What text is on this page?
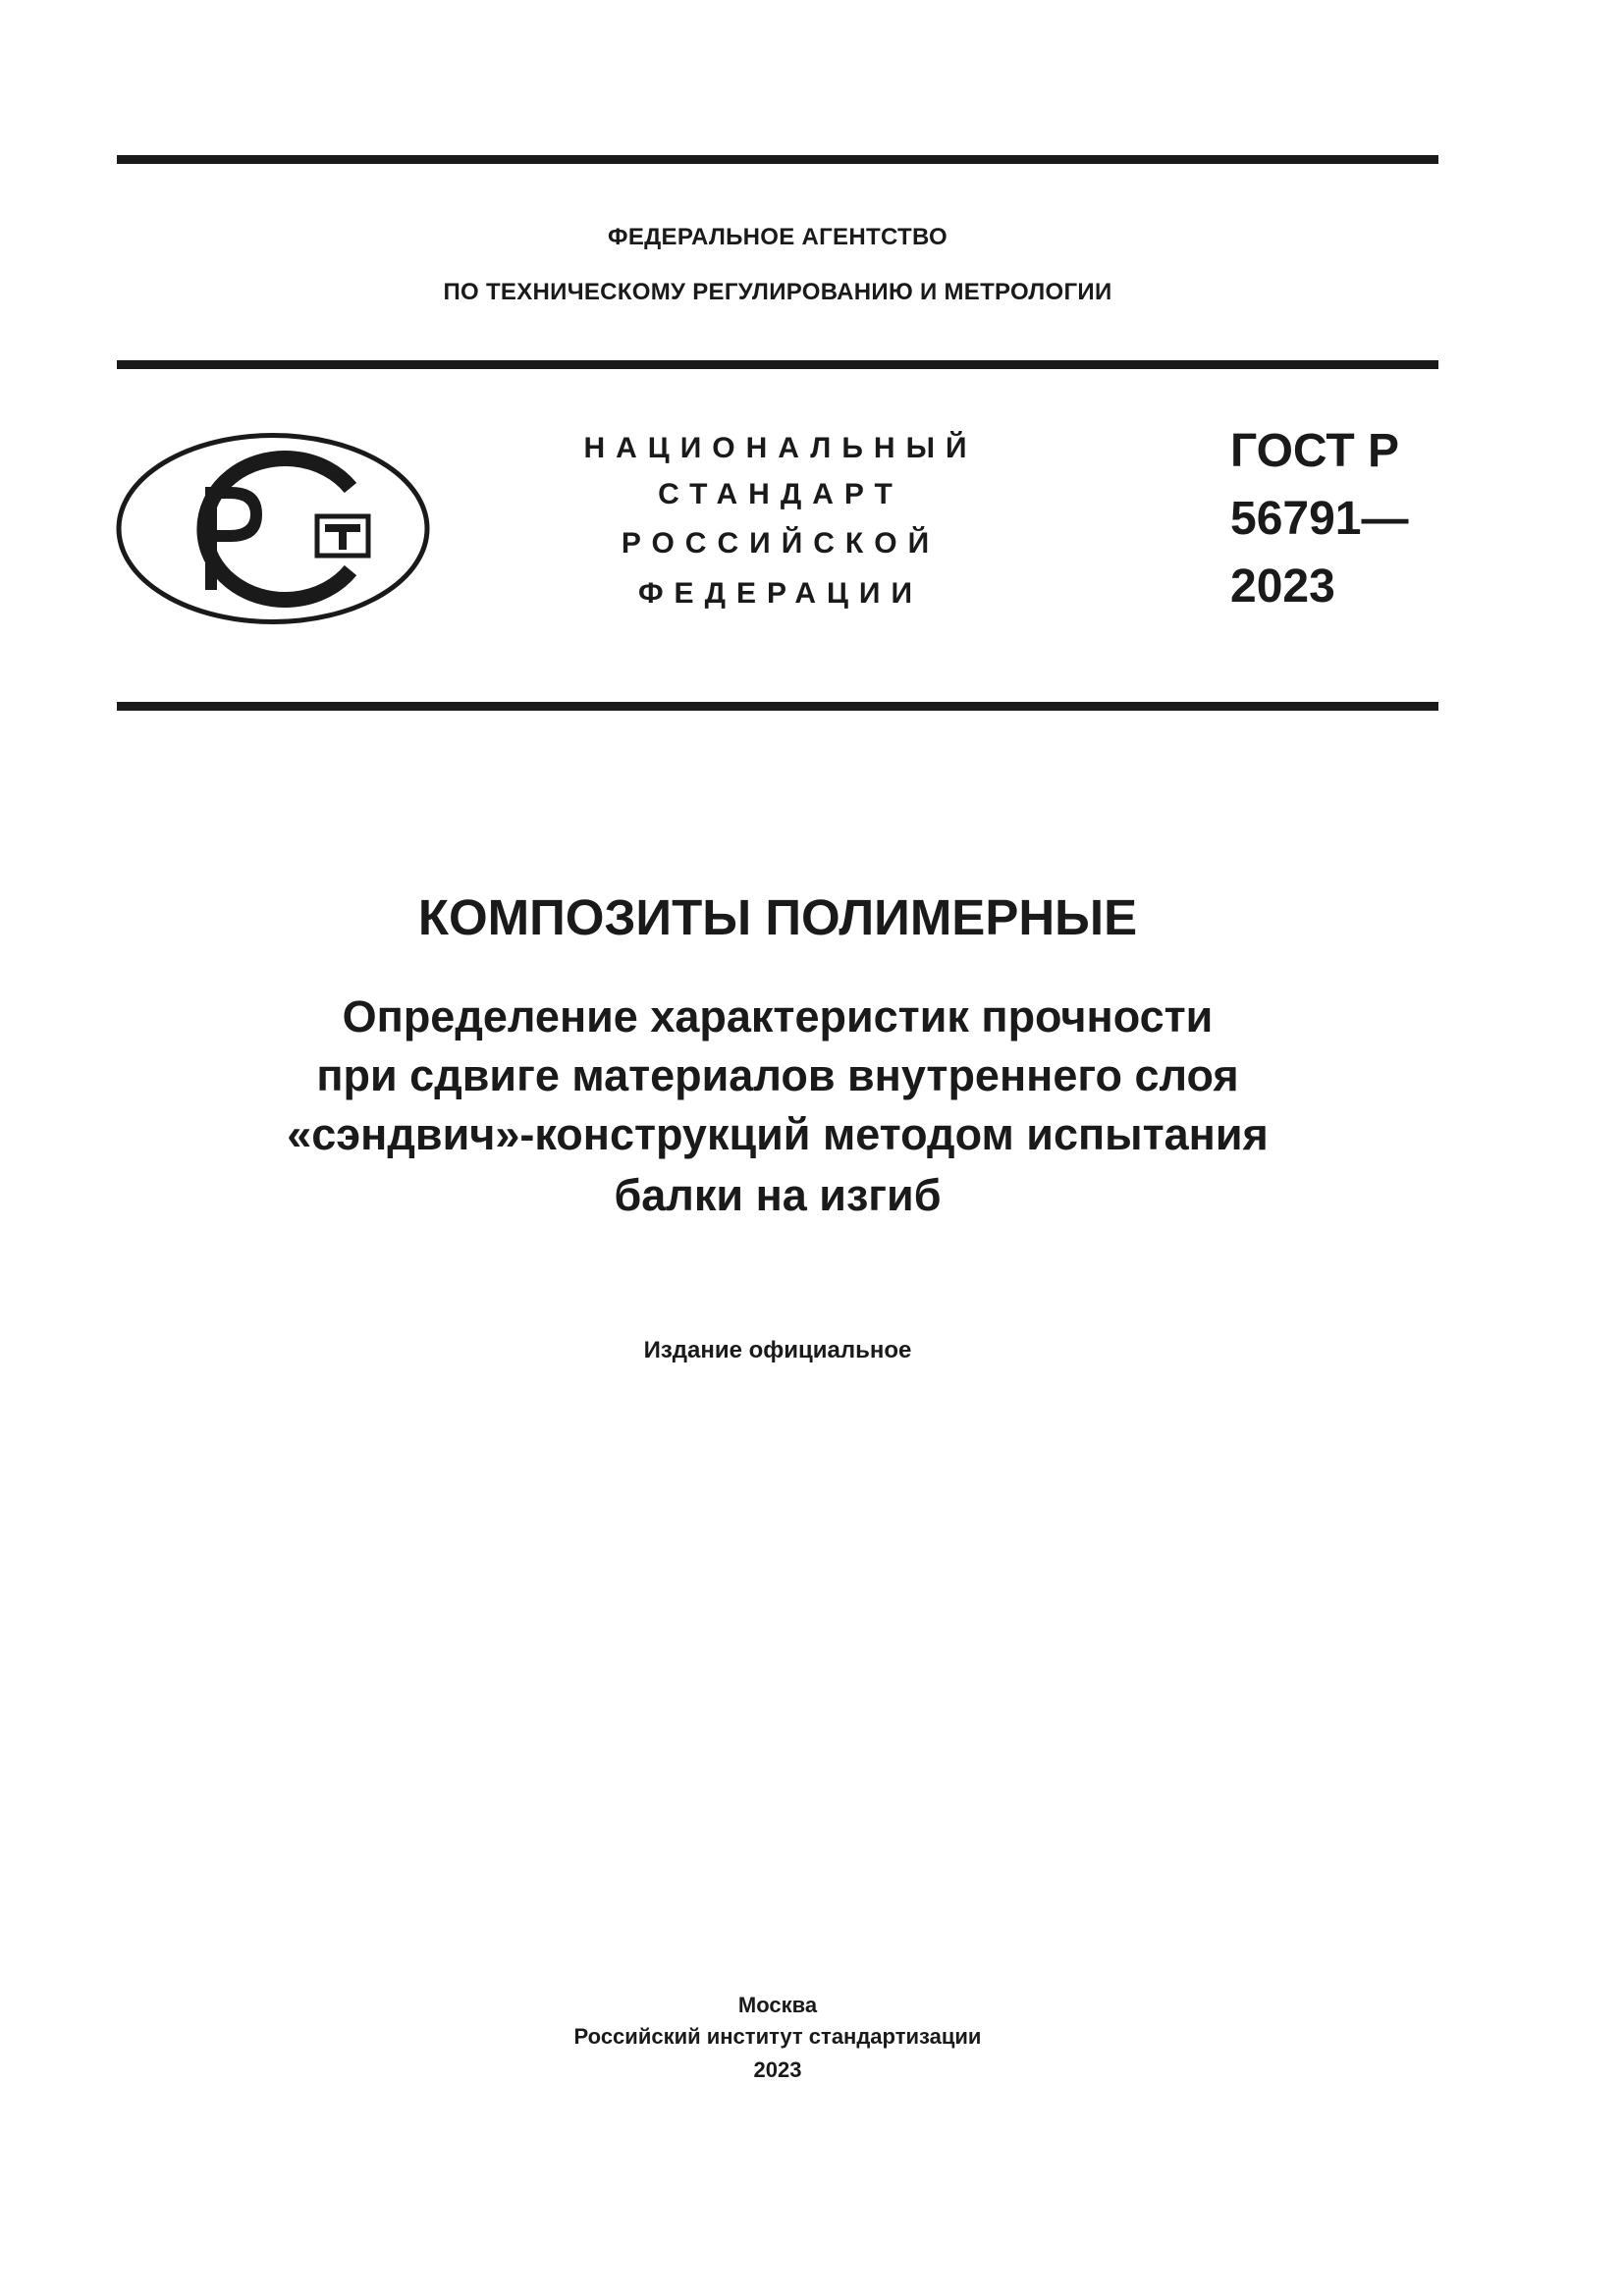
ФЕДЕРАЛЬНОЕ АГЕНТСТВО
ПО ТЕХНИЧЕСКОМУ РЕГУЛИРОВАНИЮ И МЕТРОЛОГИИ
НАЦИОНАЛЬНЫЙ
СТАНДАРТ
РОССИЙСКОЙ
ФЕДЕРАЦИИ
ГОСТ Р
56791—
2023
КОМПОЗИТЫ ПОЛИМЕРНЫЕ
Определение характеристик прочности
при сдвиге материалов внутреннего слоя
«сэндвич»-конструкций методом испытания
балки на изгиб
Издание официальное
Москва
Российский институт стандартизации
2023
